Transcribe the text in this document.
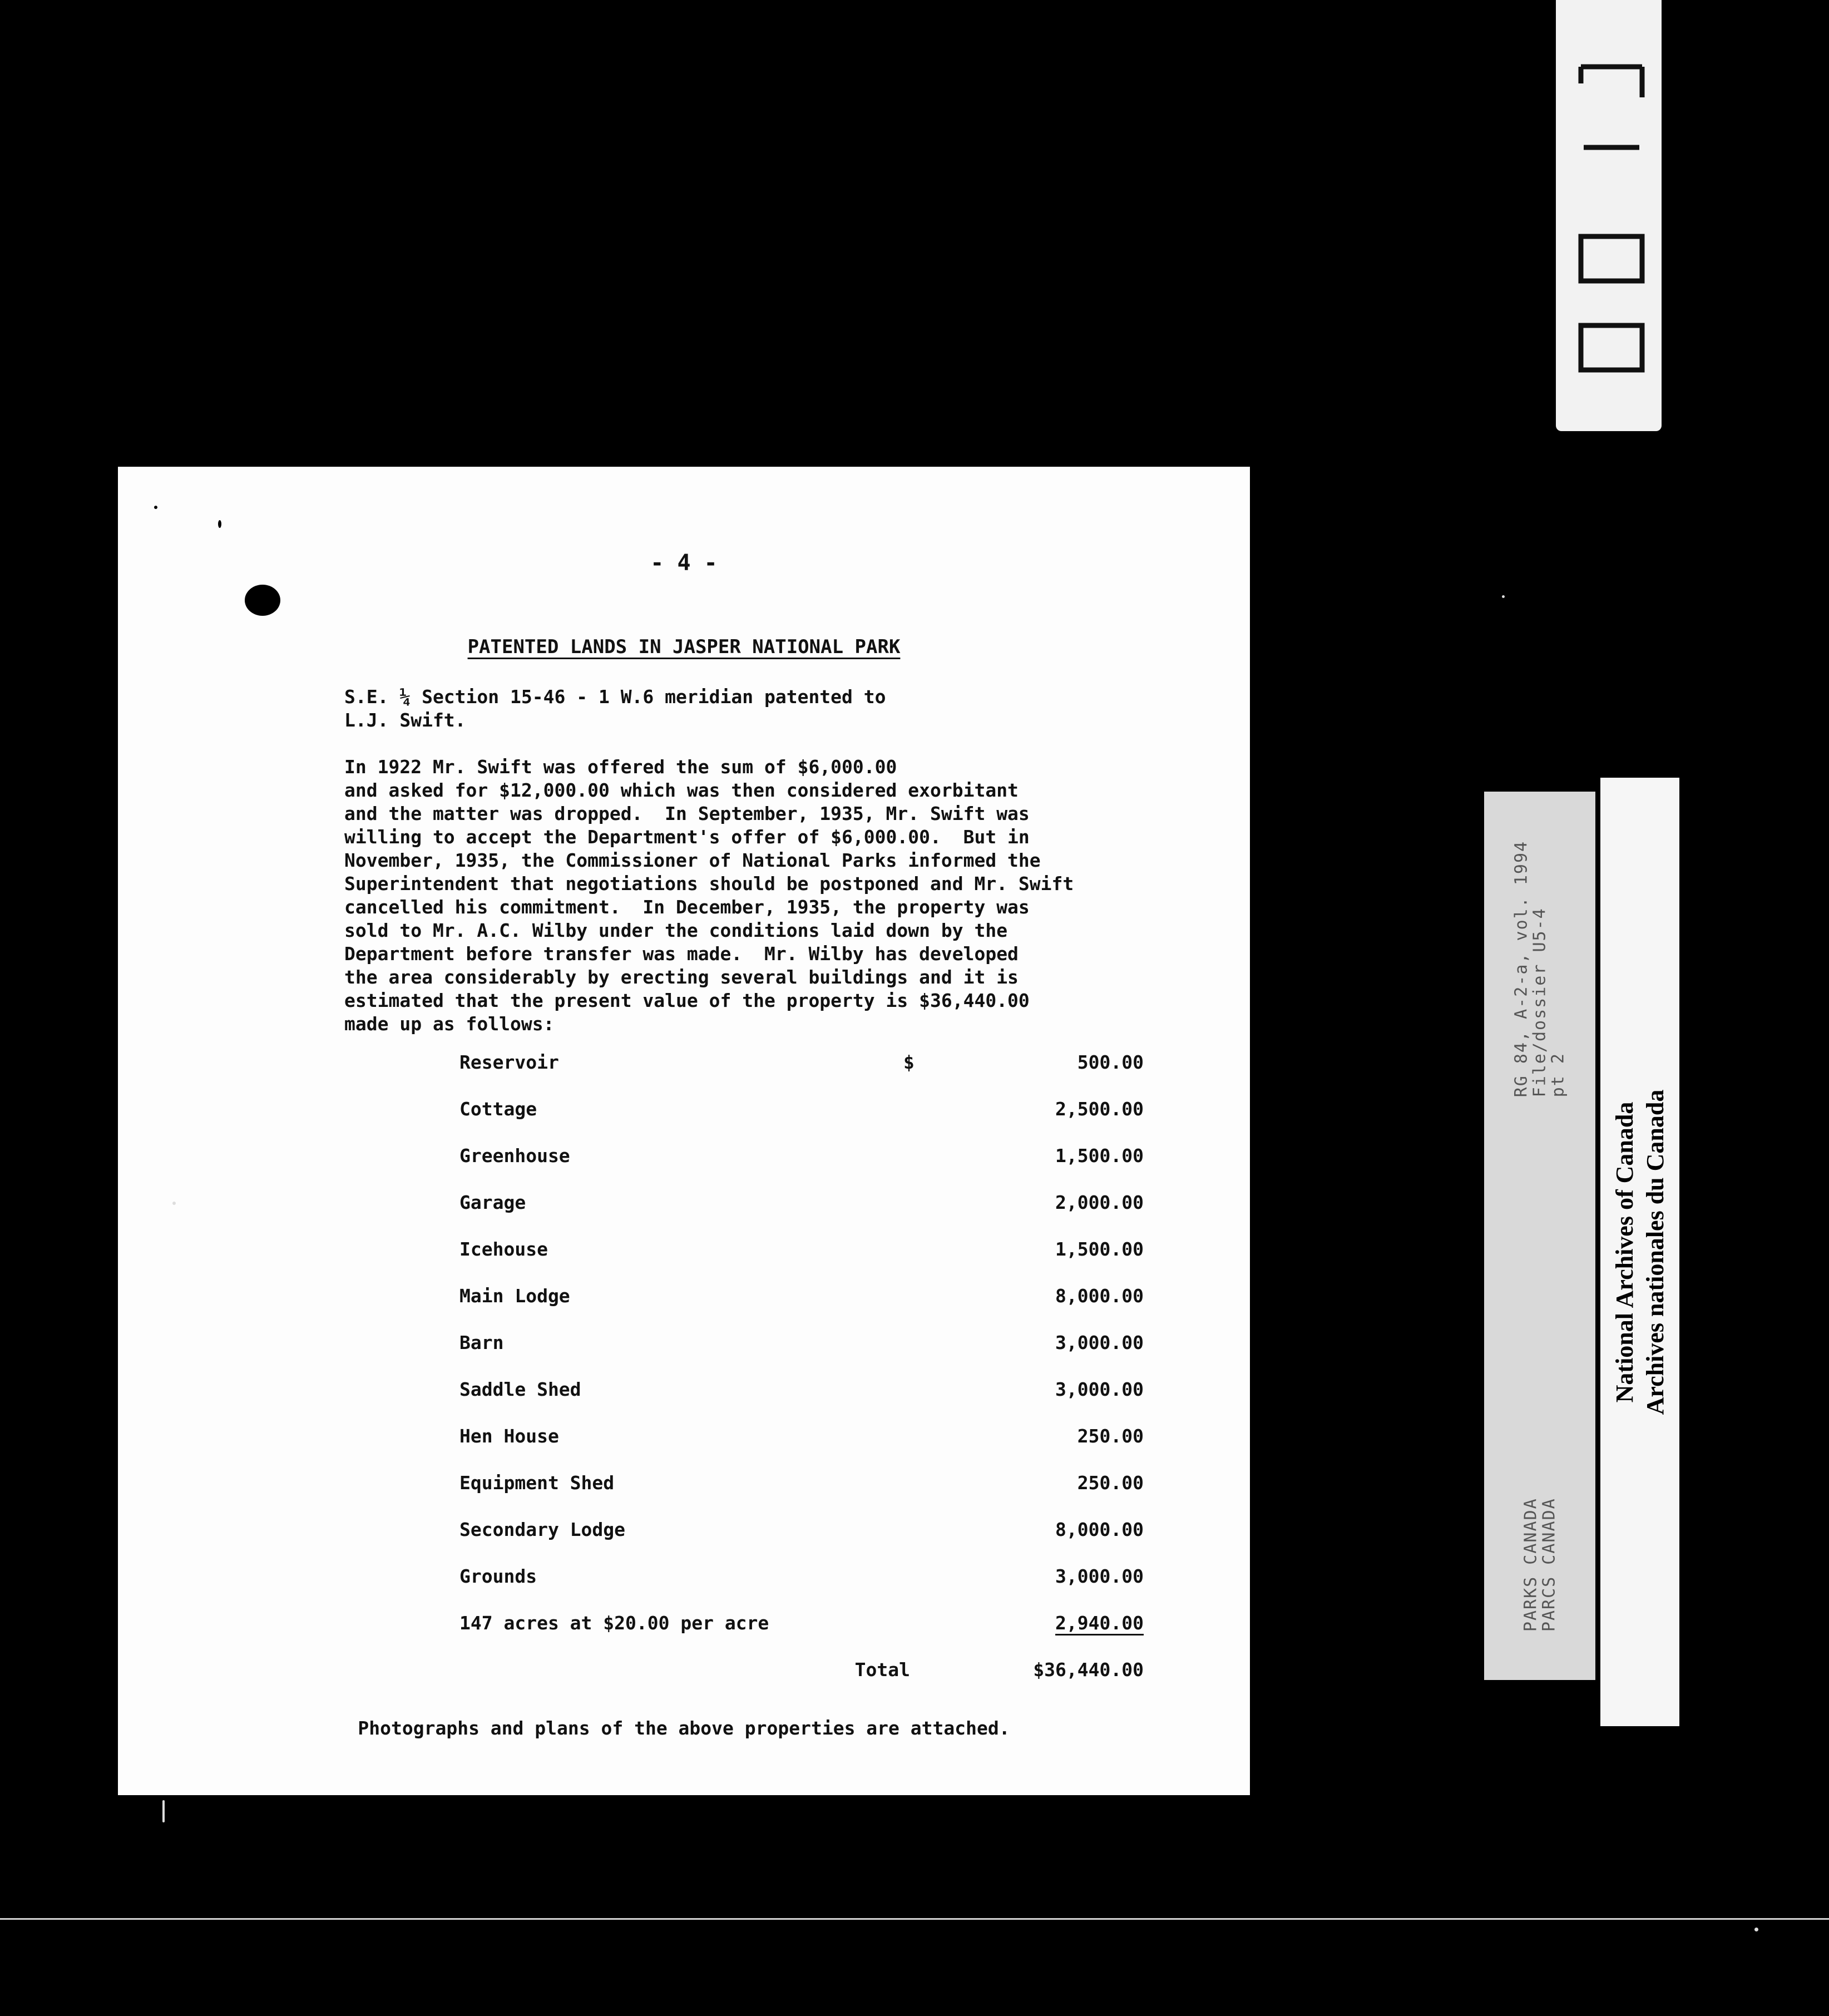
PARKS CANADA
PARCS CANADA
RG 84, A-2-a, vol. 1994
File/dossier U5-4
pt 2
National Archives of Canada Archives nationales du Canada
- 4 -
PATENTED LANDS IN JASPER NATIONAL PARK
S.E. ¼ Section 15-46 - 1 W.6 meridian patented to
L.J. Swift.
In 1922 Mr. Swift was offered the sum of $6,000.00
and asked for $12,000.00 which was then considered exorbitant
and the matter was dropped.  In September, 1935, Mr. Swift was
willing to accept the Department's offer of $6,000.00.  But in
November, 1935, the Commissioner of National Parks informed the
Superintendent that negotiations should be postponed and Mr. Swift
cancelled his commitment.  In December, 1935, the property was
sold to Mr. A.C. Wilby under the conditions laid down by the
Department before transfer was made.  Mr. Wilby has developed
the area considerably by erecting several buildings and it is
estimated that the present value of the property is $36,440.00
made up as follows:
Reservoir	$	500.00
Cottage	2,500.00
Greenhouse	1,500.00
Garage	2,000.00
Icehouse	1,500.00
Main Lodge	8,000.00
Barn	3,000.00
Saddle Shed	3,000.00
Hen House	250.00
Equipment Shed	250.00
Secondary Lodge	8,000.00
Grounds	3,000.00
147 acres at $20.00 per acre	2,940.00
Total	$36,440.00
Photographs and plans of the above properties are attached.
